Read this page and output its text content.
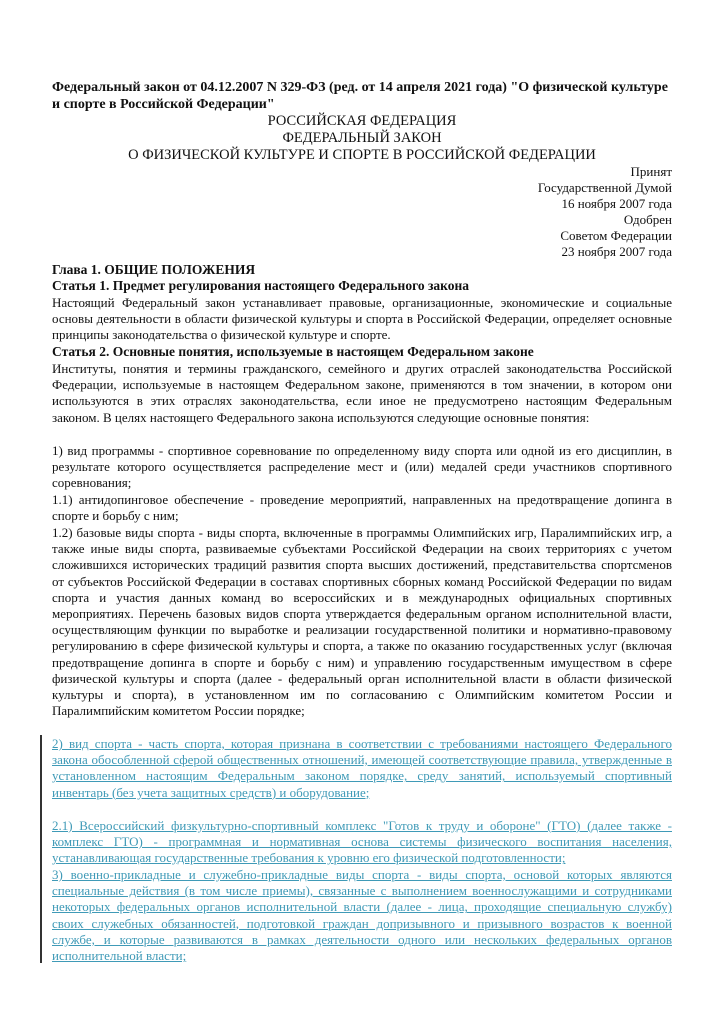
Федеральный закон от 04.12.2007 N 329-ФЗ (ред. от 14 апреля 2021 года) "О физической культуре и спорте в Российской Федерации"
РОССИЙСКАЯ ФЕДЕРАЦИЯ
ФЕДЕРАЛЬНЫЙ ЗАКОН
О ФИЗИЧЕСКОЙ КУЛЬТУРЕ И СПОРТЕ В РОССИЙСКОЙ ФЕДЕРАЦИИ
Принят
Государственной Думой
16 ноября 2007 года
Одобрен
Советом Федерации
23 ноября 2007 года
Глава 1. ОБЩИЕ ПОЛОЖЕНИЯ
Статья 1. Предмет регулирования настоящего Федерального закона
Настоящий Федеральный закон устанавливает правовые, организационные, экономические и социальные основы деятельности в области физической культуры и спорта в Российской Федерации, определяет основные принципы законодательства о физической культуре и спорте.
Статья 2. Основные понятия, используемые в настоящем Федеральном законе
Институты, понятия и термины гражданского, семейного и других отраслей законодательства Российской Федерации, используемые в настоящем Федеральном законе, применяются в том значении, в котором они используются в этих отраслях законодательства, если иное не предусмотрено настоящим Федеральным законом. В целях настоящего Федерального закона используются следующие основные понятия:
1) вид программы - спортивное соревнование по определенному виду спорта или одной из его дисциплин, в результате которого осуществляется распределение мест и (или) медалей среди участников спортивного соревнования;
1.1) антидопинговое обеспечение - проведение мероприятий, направленных на предотвращение допинга в спорте и борьбу с ним;
1.2) базовые виды спорта - виды спорта, включенные в программы Олимпийских игр, Паралимпийских игр, а также иные виды спорта, развиваемые субъектами Российской Федерации на своих территориях с учетом сложившихся исторических традиций развития спорта высших достижений, представительства спортсменов от субъектов Российской Федерации в составах спортивных сборных команд Российской Федерации по видам спорта и участия данных команд во всероссийских и в международных официальных спортивных мероприятиях. Перечень базовых видов спорта утверждается федеральным органом исполнительной власти, осуществляющим функции по выработке и реализации государственной политики и нормативно-правовому регулированию в сфере физической культуры и спорта, а также по оказанию государственных услуг (включая предотвращение допинга в спорте и борьбу с ним) и управлению государственным имуществом в сфере физической культуры и спорта (далее - федеральный орган исполнительной власти в области физической культуры и спорта), в установленном им по согласованию с Олимпийским комитетом России и Паралимпийским комитетом России порядке;
2) вид спорта - часть спорта, которая признана в соответствии с требованиями настоящего Федерального закона обособленной сферой общественных отношений, имеющей соответствующие правила, утвержденные в установленном настоящим Федеральным законом порядке, среду занятий, используемый спортивный инвентарь (без учета защитных средств) и оборудование;
2.1) Всероссийский физкультурно-спортивный комплекс "Готов к труду и обороне" (ГТО) (далее также - комплекс ГТО) - программная и нормативная основа системы физического воспитания населения, устанавливающая государственные требования к уровню его физической подготовленности;
3) военно-прикладные и служебно-прикладные виды спорта - виды спорта, основой которых являются специальные действия (в том числе приемы), связанные с выполнением военнослужащими и сотрудниками некоторых федеральных органов исполнительной власти (далее - лица, проходящие специальную службу) своих служебных обязанностей, подготовкой граждан допризывного и призывного возрастов к военной службе, и которые развиваются в рамках деятельности одного или нескольких федеральных органов исполнительной власти;
